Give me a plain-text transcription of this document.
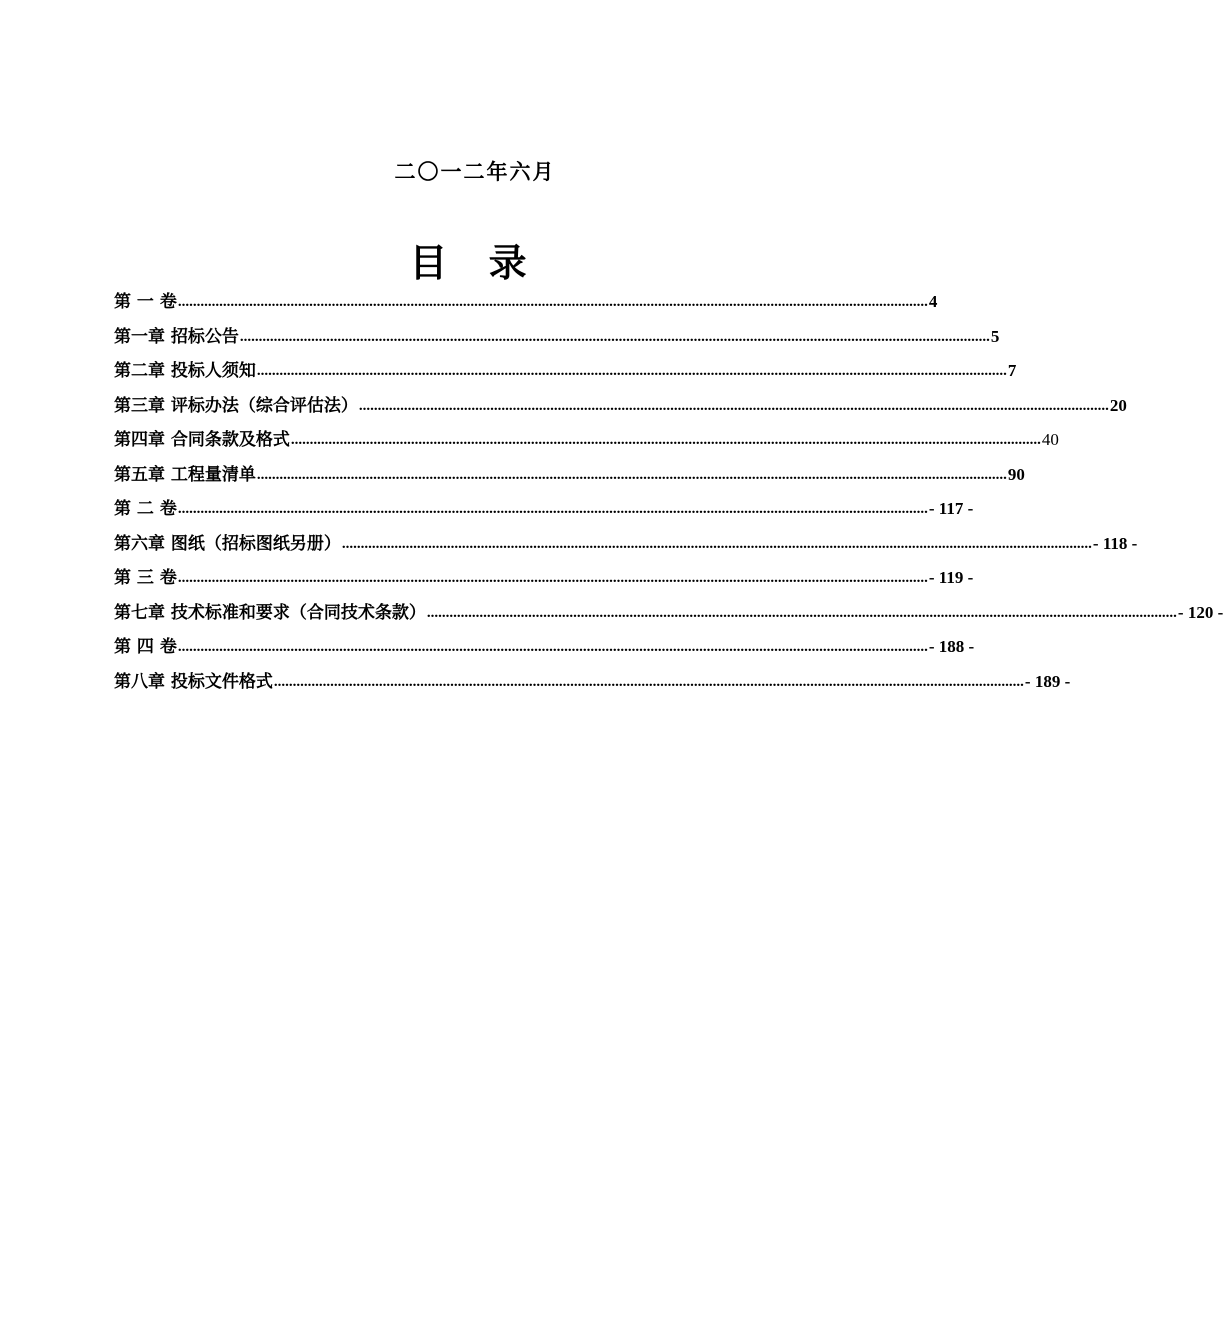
二〇一二年六月
目 录
第 一 卷 ........................................................................................................................................................................................................ 4
第一章 招标公告 ........................................................................................................................................................................................................ 5
第二章 投标人须知 ........................................................................................................................................................................................................ 7
第三章 评标办法（综合评估法） ........................................................................................................................................................................................................ 20
第四章 合同条款及格式 ........................................................................................................................................................................................................ 40
第五章 工程量清单 ........................................................................................................................................................................................................ 90
第 二 卷 ........................................................................................................................................................................................................ - 117 -
第六章 图纸（招标图纸另册） ........................................................................................................................................................................................................ - 118 -
第 三 卷 ........................................................................................................................................................................................................ - 119 -
第七章 技术标准和要求（合同技术条款） ........................................................................................................................................................................................................ - 120 -
第 四 卷 ........................................................................................................................................................................................................ - 188 -
第八章 投标文件格式 ........................................................................................................................................................................................................ - 189 -
